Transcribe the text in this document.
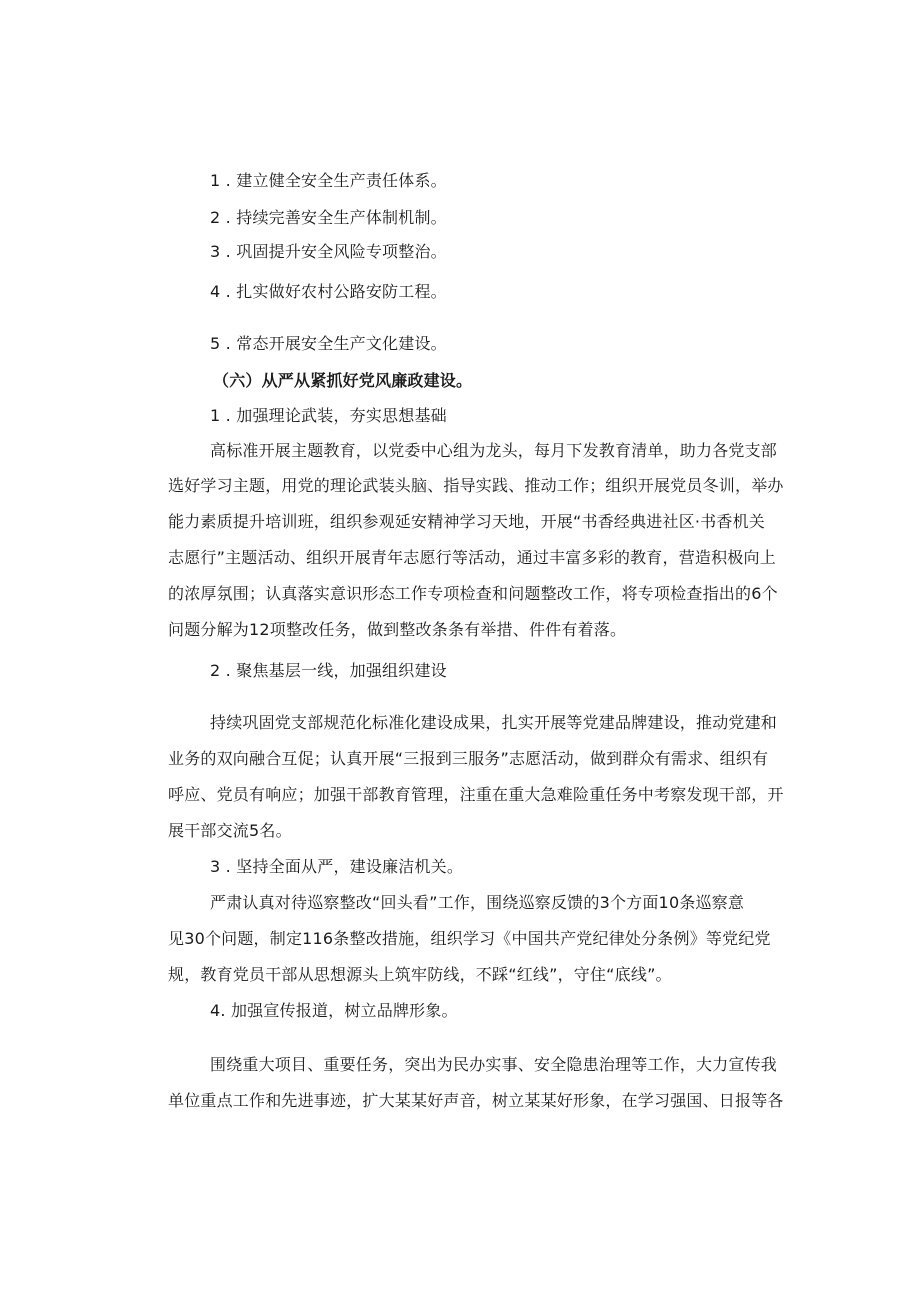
1 . 建立健全安全生产责任体系。
2 . 持续完善安全生产体制机制。
3 . 巩固提升安全风险专项整治。
4 . 扎实做好农村公路安防工程。
5 . 常态开展安全生产文化建设。
（六）从严从紧抓好党风廉政建设。
1 . 加强理论武装，夯实思想基础
高标准开展主题教育，以党委中心组为龙头，每月下发教育清单，助力各党支部
选好学习主题，用党的理论武装头脑、指导实践、推动工作；组织开展党员冬训，举办
能力素质提升培训班，组织参观延安精神学习天地，开展“书香经典进社区·书香机关
志愿行”主题活动、组织开展青年志愿行等活动，通过丰富多彩的教育，营造积极向上
的浓厚氛围；认真落实意识形态工作专项检查和问题整改工作，将专项检查指出的6个
问题分解为12项整改任务，做到整改条条有举措、件件有着落。
2 . 聚焦基层一线，加强组织建设
持续巩固党支部规范化标准化建设成果，扎实开展等党建品牌建设，推动党建和
业务的双向融合互促；认真开展“三报到三服务”志愿活动，做到群众有需求、组织有
呼应、党员有响应；加强干部教育管理，注重在重大急难险重任务中考察发现干部，开
展干部交流5名。
3 . 坚持全面从严，建设廉洁机关。
严肃认真对待巡察整改“回头看”工作，围绕巡察反馈的3个方面10条巡察意
见30个问题，制定116条整改措施，组织学习《中国共产党纪律处分条例》等党纪党
规，教育党员干部从思想源头上筑牢防线，不踩“红线”，守住“底线”。
4. 加强宣传报道，树立品牌形象。
围绕重大项目、重要任务，突出为民办实事、安全隐患治理等工作，大力宣传我
单位重点工作和先进事迹，扩大某某好声音，树立某某好形象，在学习强国、日报等各
